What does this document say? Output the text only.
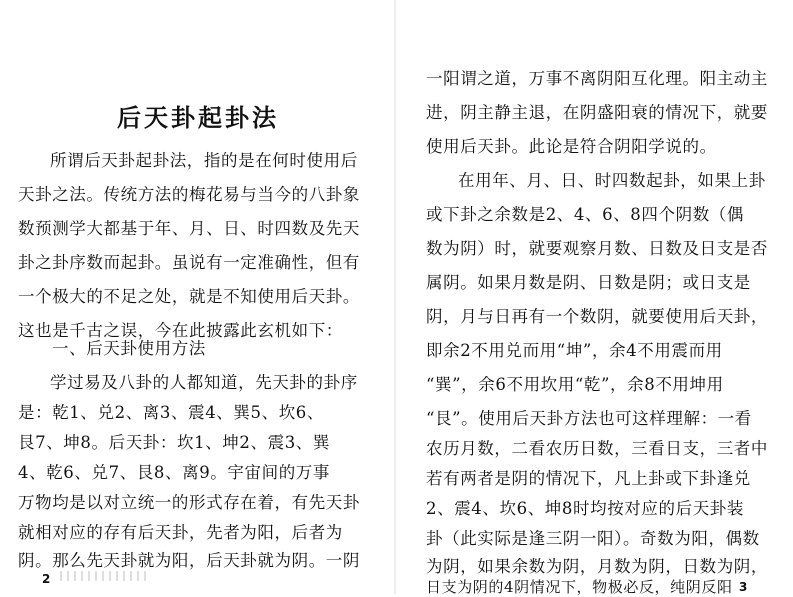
后天卦起卦法
所谓后天卦起卦法，指的是在何时使用后
天卦之法。传统方法的梅花易与当今的八卦象
数预测学大都基于年、月、日、时四数及先天
卦之卦序数而起卦。虽说有一定准确性，但有
一个极大的不足之处，就是不知使用后天卦。
这也是千古之误，今在此披露此玄机如下：
一、后天卦使用方法
学过易及八卦的人都知道，先天卦的卦序
是：乾1、兑2、离3、震4、巽5、坎6、
艮7、坤8。后天卦：坎1、坤2、震3、巽
4、乾6、兑7、艮8、离9。宇宙间的万事
万物均是以对立统一的形式存在着，有先天卦
就相对应的存有后天卦，先者为阳，后者为
阴。那么先天卦就为阳，后天卦就为阴。一阴
2
一阳谓之道，万事不离阴阳互化理。阳主动主
进，阴主静主退，在阴盛阳衰的情况下，就要
使用后天卦。此论是符合阴阳学说的。
在用年、月、日、时四数起卦，如果上卦
或下卦之余数是2、4、6、8四个阴数（偶
数为阴）时，就要观察月数、日数及日支是否
属阴。如果月数是阴、日数是阴；或日支是
阴，月与日再有一个数阴，就要使用后天卦，
即余2不用兑而用“坤”，余4不用震而用
“巽”，余6不用坎用“乾”，余8不用坤用
“艮”。使用后天卦方法也可这样理解：一看
农历月数，二看农历日数，三看日支，三者中
若有两者是阴的情况下，凡上卦或下卦逢兑
2、震4、坎6、坤8时均按对应的后天卦装
卦（此实际是逢三阴一阳）。奇数为阳，偶数
为阴，如果余数为阴，月数为阴，日数为阴，
日支为阴的4阴情况下，物极必反，纯阴反阳 3
